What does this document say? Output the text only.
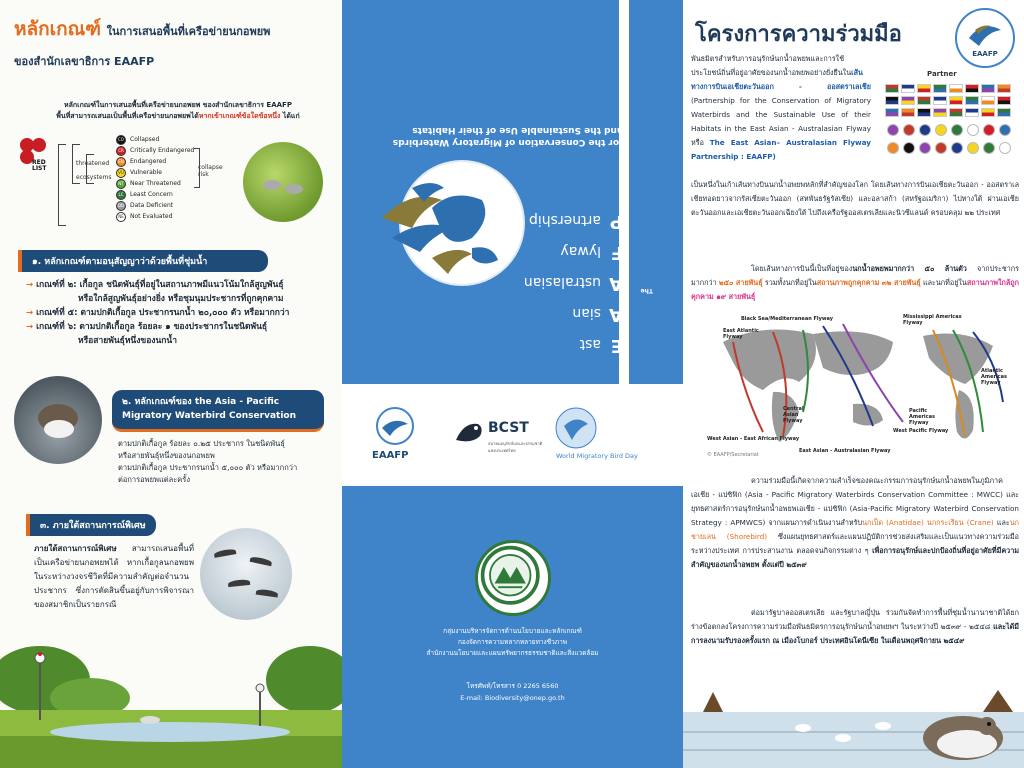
หลักเกณฑ์ ในการเสนอพื้นที่เครือข่ายนกอพยพ
ของสำนักเลขาธิการ EAAFP
หลักเกณฑ์ในการเสนอพื้นที่เครือข่ายนกอพยพ ของสำนักเลขาธิการ EAAFP
พื้นที่สามารถเสนอเป็นพื้นที่เครือข่ายนกอพยพได้หากเข้าเกณฑ์ข้อใดข้อหนึ่ง ได้แก่
RED LIST
threatened
ecosystems
collapse risk
CO	Collapsed
CR	Critically Endangered
EN	Endangered
VU	Vulnerable
NT	Near Threatened
LC	Least Concern
DD Data Deficient
NE	Not Evaluated
๑. หลักเกณฑ์ตามอนุสัญญาว่าด้วยพื้นที่ชุ่มน้ำ
→ เกณฑ์ที่ ๒: เกื้อกูล ชนิดพันธุ์ที่อยู่ในสถานภาพมีแนวโน้มใกล้สูญพันธุ์
หรือใกล้สูญพันธุ์อย่างยิ่ง หรือชุมนุมประชากรที่ถูกคุกคาม
→ เกณฑ์ที่ ๕: ตามปกติเกื้อกูล ประชากรนกน้ำ ๒๐,๐๐๐ ตัว หรือมากกว่า
→ เกณฑ์ที่ ๖: ตามปกติเกื้อกูล ร้อยละ ๑ ของประชากรในชนิดพันธุ์
หรือสายพันธุ์หนึ่งของนกน้ำ
๒. หลักเกณฑ์ของ the Asia - Pacific
Migratory Waterbird Conservation
ตามปกติเกื้อกูล ร้อยละ ๐.๒๕ ประชากร ในชนิดพันธุ์
หรือสายพันธุ์หนึ่งของนกอพยพ
ตามปกติเกื้อกูล ประชากรนกน้ำ ๕,๐๐๐ ตัว หรือมากกว่า
ต่อการอพยพแต่ละครั้ง
๓. ภายใต้สถานการณ์พิเศษ
ภายใต้สถานการณ์พิเศษ สามารถเสนอพื้นที่เป็นเครือข่ายนกอพยพได้ หากเกื้อกูลนกอพยพ ในระหว่างวงจรชีวิตที่มีความสำคัญต่อจำนวนประชากร ซึ่งการตัดสินขึ้นอยู่กับการพิจารณาของสมาชิกเป็นรายกรณี
East
Asian
Australasian
Flyway
Partnership
The
for the Conservation of Migratory Waterbirds
and the Sustainable Use of their Habitats
EAAFP
BCST
สมาคมอนุรักษ์นกและธรรมชาติแห่งประเทศไทย
World Migratory Bird Day
กลุ่มงานบริหารจัดการด้านนโยบายและหลักเกณฑ์
กองจัดการความหลากหลายทางชีวภาพ
สำนักงานนโยบายและแผนทรัพยากรธรรมชาติและสิ่งแวดล้อม
โทรศัพท์/โทรสาร 0 2265 6560
E-mail: Biodiversity@onep.go.th
โครงการความร่วมมือ
EAAFP
พันธมิตรสำหรับการอนุรักษ์นกน้ำอพยพและการใช้ประโยชน์ถิ่นที่อยู่อาศัยของนกน้ำอพยพอย่างยั่งยืนในเส้นทางการบินเอเชียตะวันออก - ออสตราเลเชีย (Partnership for the Conservation of Migratory Waterbirds and the Sustainable Use of their Habitats in the East Asian - Australasian Flyway หรือ The East Asian– Australasian Flyway Partnership : EAAFP)
เป็นหนึ่งในเก้าเส้นทางบินนกน้ำอพยพหลักที่สำคัญของโลก โดยเส้นทางการบินเอเชียตะวันออก - ออสตราเลเชียทอดยาวจากรัสเซียตะวันออก (สหพันธรัฐรัสเซีย) และอลาสก้า (สหรัฐอเมริกา) ไปทางใต้ ผ่านเอเชียตะวันออกและเอเชียตะวันออกเฉียงใต้ ไปถึงเครือรัฐออสเตรเลียและนิวซีแลนด์ ครอบคลุม ๒๒ ประเทศ
Partner
โดยเส้นทางการบินนี้เป็นที่อยู่ของนกน้ำอพยพมากกว่า ๕๐ ล้านตัว จากประชากรมากกว่า ๒๕๐ สายพันธุ์ รวมทั้งนกที่อยู่ในสถานภาพถูกคุกคาม ๓๒ สายพันธุ์ และนกที่อยู่ในสถานภาพใกล้ถูกคุกคาม ๑๙ สายพันธุ์
Black Sea/Mediterranean Flyway	Mississippi Americas Flyway
East Atlantic Flyway
Central Asian Flyway
Atlantic Americas Flyway
Pacific Americas Flyway
East Asian - Australasian Flyway
West Pacific Flyway
West Asian - East African Flyway
© EAAFP/Secretariat
ความร่วมมือนี้เกิดจากความสำเร็จของคณะกรรมการอนุรักษ์นกน้ำอพยพในภูมิภาคเอเชีย - แปซิฟิก (Asia - Pacific Migratory Waterbirds Conservation Committee : MWCC) และยุทธศาสตร์การอนุรักษ์นกน้ำอพยพเอเชีย - แปซิฟิก (Asia-Pacific Migratory Waterbird Conservation Strategy : APMWCS) จากแผนการดำเนินงานสำหรับนกเป็ด (Anatidae) นกกระเรียน (Crane) และนกชายเลน (Shorebird) ซึ่งแผนยุทธศาสตร์และแผนปฏิบัติการช่วยส่งเสริมและเป็นแนวทางความร่วมมือระหว่างประเทศ การประสานงาน ตลอดจนกิจกรรมต่าง ๆ เพื่อการอนุรักษ์และปกป้องถิ่นที่อยู่อาศัยที่มีความสำคัญของนกน้ำอพยพ ตั้งแต่ปี ๒๕๓๙
ต่อมารัฐบาลออสเตรเลีย และรัฐบาลญี่ปุ่น ร่วมกันจัดทำการพื้นที่ชุ่มน้ำนานาชาติได้ยกร่างข้อตกลงโครงการความร่วมมือพันธมิตรการอนุรักษ์นกน้ำอพยพฯ ในระหว่างปี ๒๕๓๙ - ๒๕๔๘ และได้มีการลงนามรับรองครั้งแรก ณ เมืองโบกอร์ ประเทศอินโดนีเซีย ในเดือนพฤศจิกายน ๒๕๔๙
